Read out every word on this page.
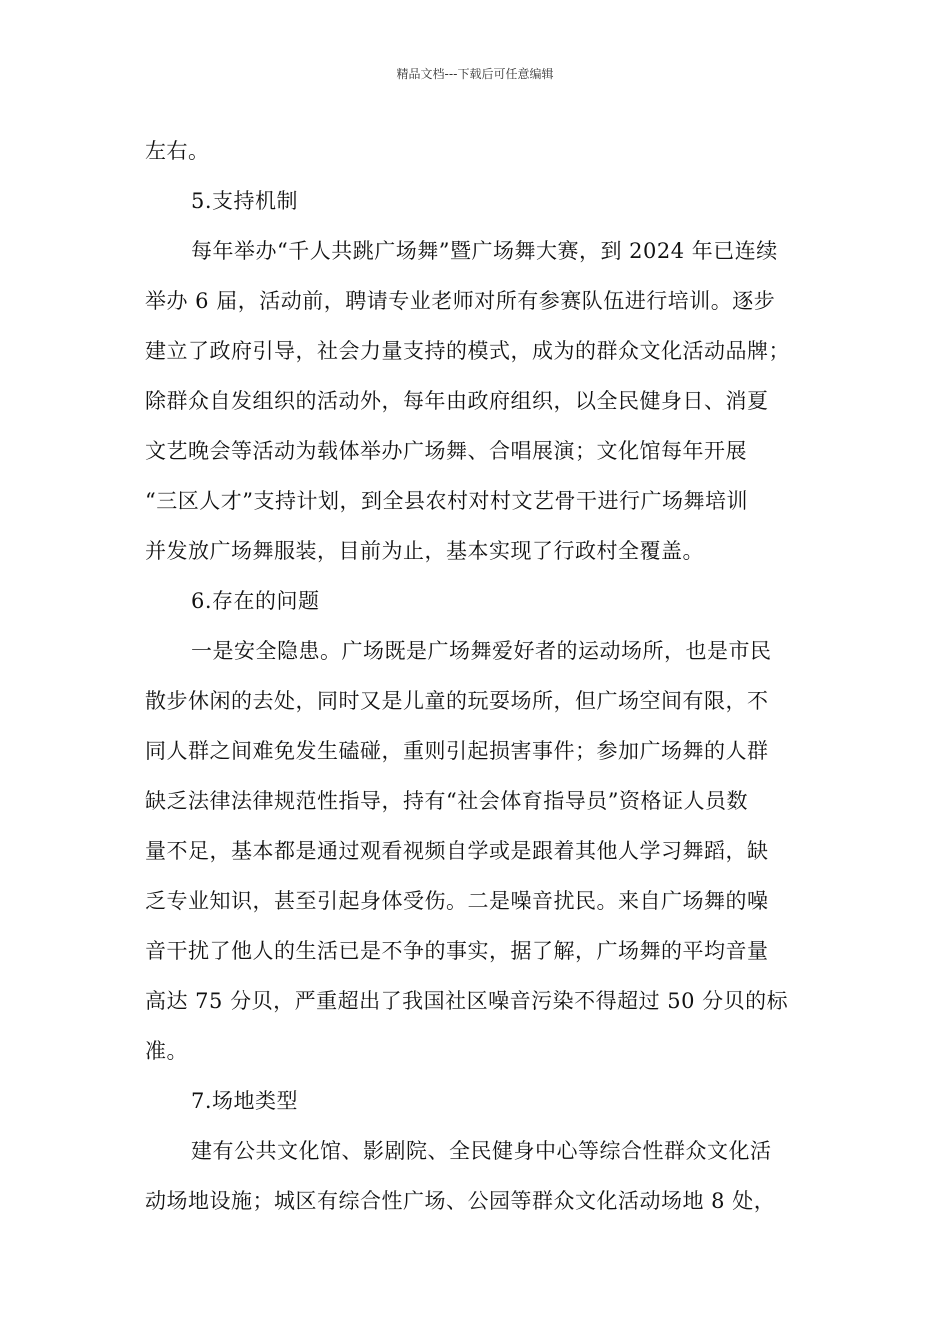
精品文档---下载后可任意编辑
左右。
5.支持机制
每年举办“千人共跳广场舞”暨广场舞大赛，到 2024 年已连续
举办 6 届，活动前，聘请专业老师对所有参赛队伍进行培训。逐步
建立了政府引导，社会力量支持的模式，成为的群众文化活动品牌；
除群众自发组织的活动外，每年由政府组织，以全民健身日、消夏
文艺晚会等活动为载体举办广场舞、合唱展演；文化馆每年开展
“三区人才”支持计划，到全县农村对村文艺骨干进行广场舞培训
并发放广场舞服装，目前为止，基本实现了行政村全覆盖。
6.存在的问题
一是安全隐患。广场既是广场舞爱好者的运动场所，也是市民
散步休闲的去处，同时又是儿童的玩耍场所，但广场空间有限，不
同人群之间难免发生磕碰，重则引起损害事件；参加广场舞的人群
缺乏法律法律规范性指导，持有“社会体育指导员”资格证人员数
量不足，基本都是通过观看视频自学或是跟着其他人学习舞蹈，缺
乏专业知识，甚至引起身体受伤。二是噪音扰民。来自广场舞的噪
音干扰了他人的生活已是不争的事实，据了解，广场舞的平均音量
高达 75 分贝，严重超出了我国社区噪音污染不得超过 50 分贝的标
准。
7.场地类型
建有公共文化馆、影剧院、全民健身中心等综合性群众文化活
动场地设施；城区有综合性广场、公园等群众文化活动场地 8 处，
